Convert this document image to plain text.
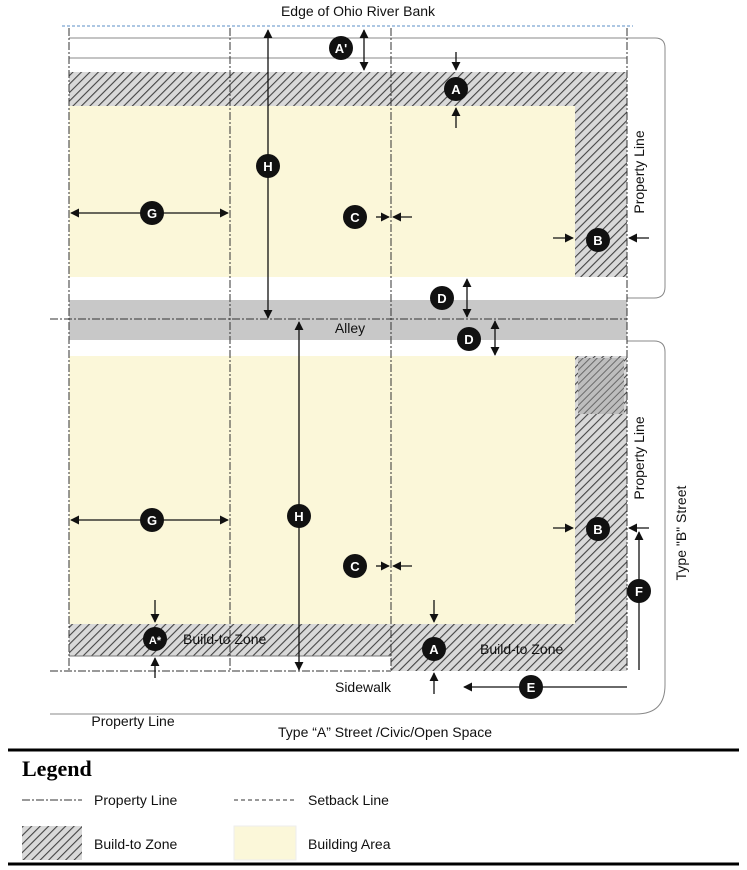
A'
A
H
G	C
B
D
D
H
G
C
B
F
A*
A
E
Edge of Ohio River Bank
Alley
Property Line
Property Line
Type "B" Street
Build-to Zone
Build-to Zone
Sidewalk
Property Line
Type “A” Street /Civic/Open Space
Legend
Property Line	Setback Line
Build-to Zone	Building Area
